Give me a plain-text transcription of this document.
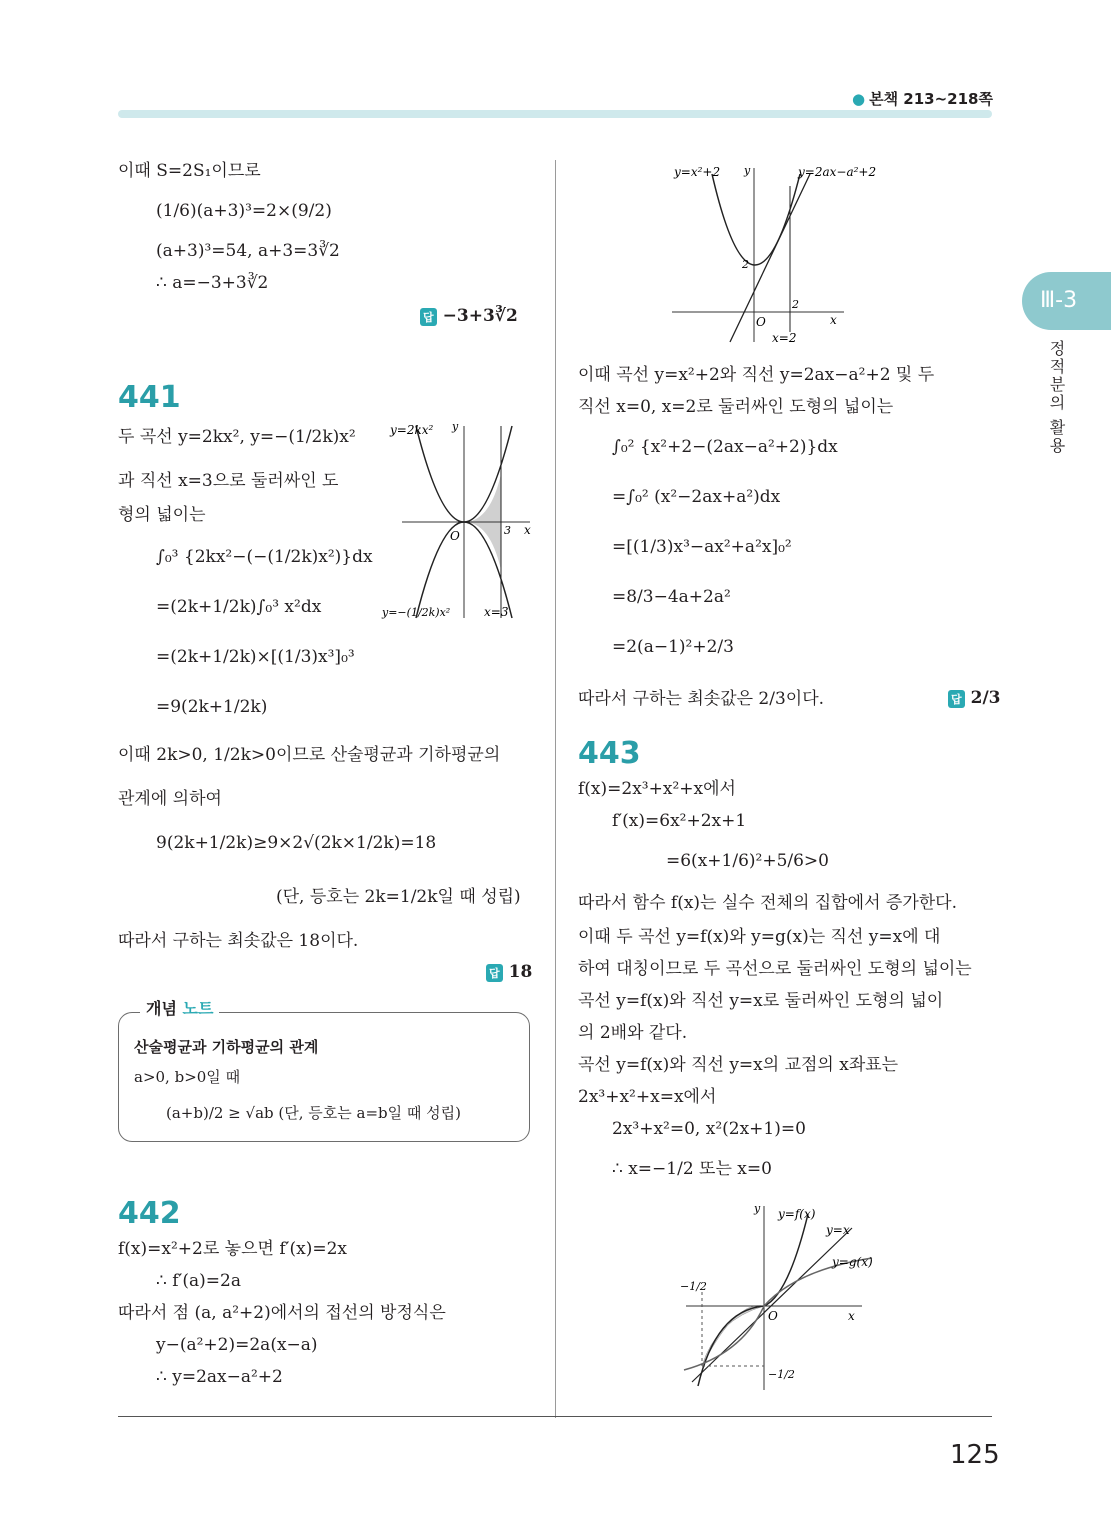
● 본책 213~218쪽
Ⅲ-3
정적분의 활용
이때 S=2S₁이므로
(1/6)(a+3)³=2×(9/2)
(a+3)³=54, a+3=3∛2
∴ a=−3+3∛2
답 −3+3∛2
441
두 곡선 y=2kx², y=−(1/2k)x²
과 직선 x=3으로 둘러싸인 도
형의 넓이는
∫₀³ {2kx²−(−(1/2k)x²)}dx
=(2k+1/2k)∫₀³ x²dx
=(2k+1/2k)×[(1/3)x³]₀³
=9(2k+1/2k)
이때 2k>0, 1/2k>0이므로 산술평균과 기하평균의
관계에 의하여
9(2k+1/2k)≥9×2√(2k×1/2k)=18
(단, 등호는 2k=1/2k일 때 성립)
따라서 구하는 최솟값은 18이다.
답 18
y=2kx² y
x
O	3
y=−(1/2k)x²	x=3
개념 노트
산술평균과 기하평균의 관계
a>0, b>0일 때
(a+b)/2 ≥ √ab (단, 등호는 a=b일 때 성립)
442
f(x)=x²+2로 놓으면 f′(x)=2x
∴ f′(a)=2a
따라서 점 (a, a²+2)에서의 접선의 방정식은
y−(a²+2)=2a(x−a)
∴ y=2ax−a²+2
y=x²+2 y	y=2ax−a²+2
2
2
O	x
x=2
이때 곡선 y=x²+2와 직선 y=2ax−a²+2 및 두
직선 x=0, x=2로 둘러싸인 도형의 넓이는
∫₀² {x²+2−(2ax−a²+2)}dx
=∫₀² (x²−2ax+a²)dx
=[(1/3)x³−ax²+a²x]₀²
=8/3−4a+2a²
=2(a−1)²+2/3
따라서 구하는 최솟값은 2/3이다.	답 2/3
443
f(x)=2x³+x²+x에서
f′(x)=6x²+2x+1
=6(x+1/6)²+5/6>0
따라서 함수 f(x)는 실수 전체의 집합에서 증가한다.
이때 두 곡선 y=f(x)와 y=g(x)는 직선 y=x에 대
하여 대칭이므로 두 곡선으로 둘러싸인 도형의 넓이는
곡선 y=f(x)와 직선 y=x로 둘러싸인 도형의 넓이
의 2배와 같다.
곡선 y=f(x)와 직선 y=x의 교점의 x좌표는
2x³+x²+x=x에서
2x³+x²=0, x²(2x+1)=0
∴ x=−1/2 또는 x=0
y y=f(x)
y=x
y=g(x)
−1/2
O	x
−1/2
125
